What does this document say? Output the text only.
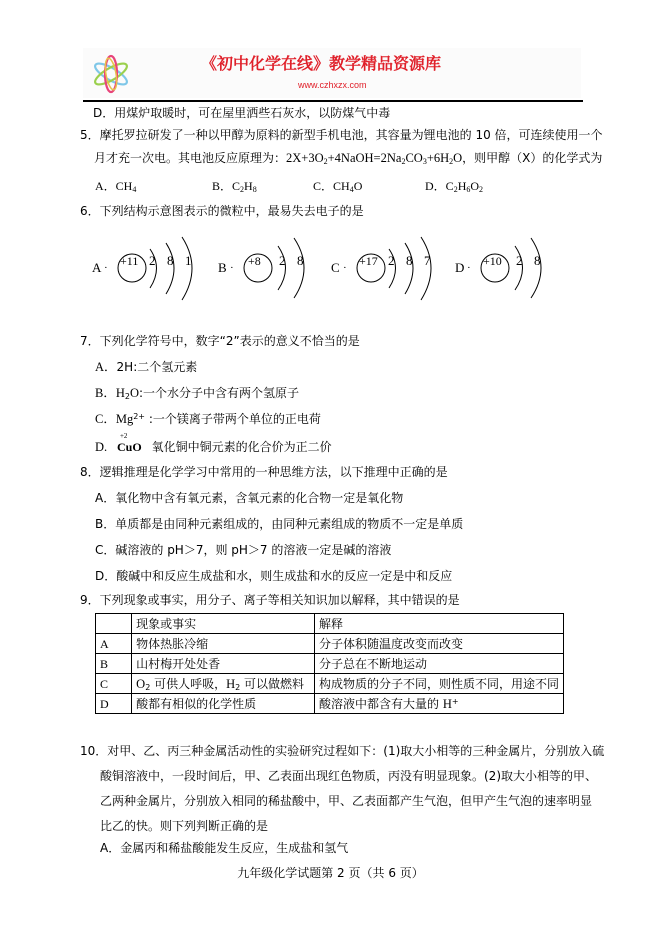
《初中化学在线》教学精品资源库
www.czhxzx.com
D．用煤炉取暖时，可在屋里洒些石灰水，以防煤气中毒
5．摩托罗拉研发了一种以甲醇为原料的新型手机电池，其容量为锂电池的 10 倍，可连续使用一个
月才充一次电。其电池反应原理为：$2X+3O_2+4NaOH=2Na_2CO_3+6H_2O$，则甲醇（X）的化学式为
A．$CH_4$	B．$C_2H_8$	C．$CH_4O$	D．$C_2H_6O_2$
6．下列结构示意图表示的微粒中，最易失去电子的是
A · +11 2 8 1 B · +8 2 8 C · +17 2 8 7 D · +10 2 8
7．下列化学符号中，数字“2”表示的意义不恰当的是
A．2H:二个氢元素
B．$H_2O$:一个水分子中含有两个氢原子
C．$Mg^{2+}$ :一个镁离子带两个单位的正电荷
D.
+2
CuO 氧化铜中铜元素的化合价为正二价
8．逻辑推理是化学学习中常用的一种思维方法，以下推理中正确的是
A．氧化物中含有氧元素，含氧元素的化合物一定是氧化物
B．单质都是由同种元素组成的，由同种元素组成的物质不一定是单质
C．碱溶液的 pH＞7，则 pH＞7 的溶液一定是碱的溶液
D．酸碱中和反应生成盐和水，则生成盐和水的反应一定是中和反应
9．下列现象或事实，用分子、离子等相关知识加以解释，其中错误的是
	现象或事实	解释
A	物体热胀冷缩	分子体积随温度改变而改变
B	山村梅开处处香	分子总在不断地运动
C	$O_2$ 可供人呼吸，$H_2$ 可以做燃料	构成物质的分子不同，则性质不同，用途不同
D	酸都有相似的化学性质	酸溶液中都含有大量的 H+
10．对甲、乙、丙三种金属活动性的实验研究过程如下：(1)取大小相等的三种金属片，分别放入硫
酸铜溶液中，一段时间后，甲、乙表面出现红色物质，丙没有明显现象。(2)取大小相等的甲、
乙两种金属片，分别放入相同的稀盐酸中，甲、乙表面都产生气泡，但甲产生气泡的速率明显
比乙的快。则下列判断正确的是
A．金属丙和稀盐酸能发生反应，生成盐和氢气
九年级化学试题第 2 页（共 6 页）
